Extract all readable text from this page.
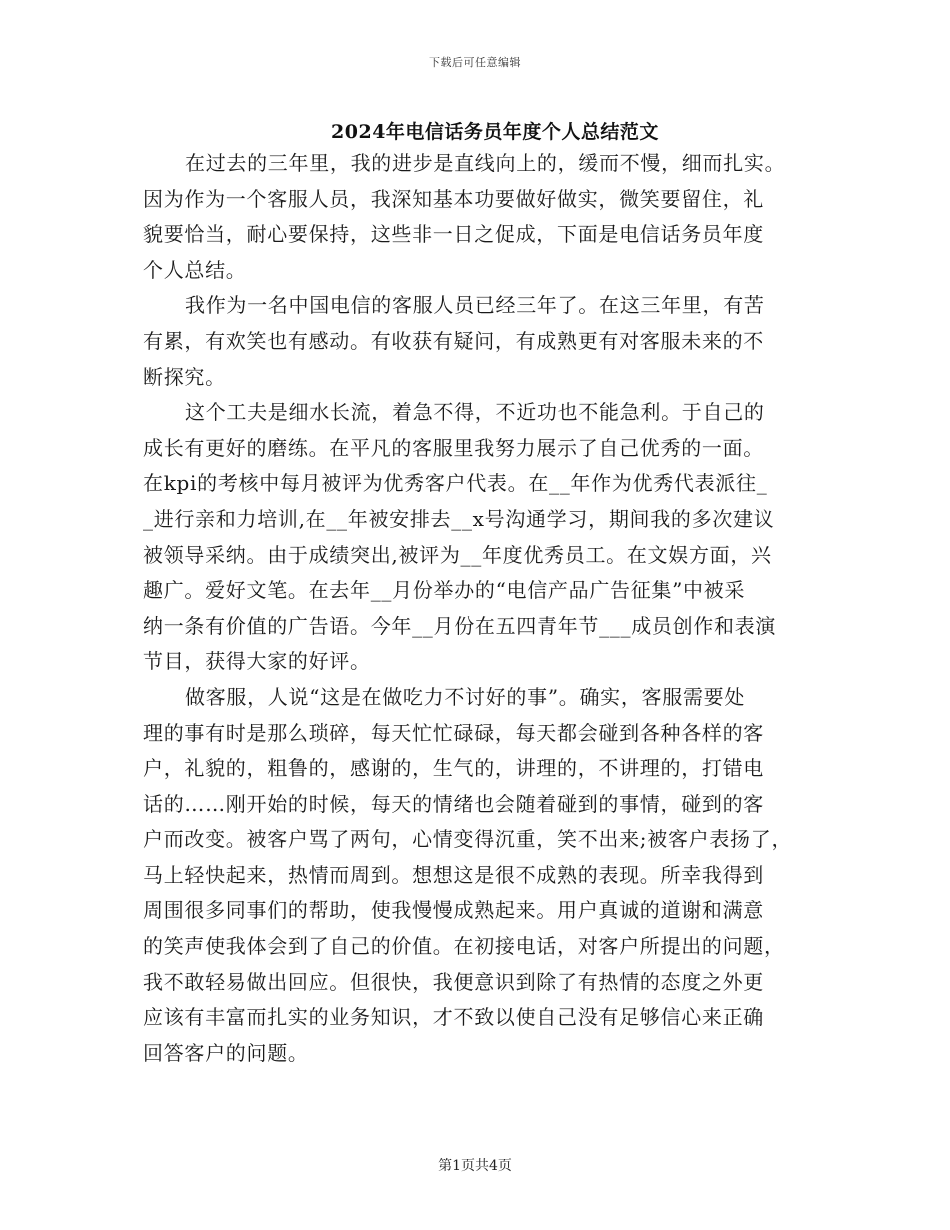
下载后可任意编辑
2024年电信话务员年度个人总结范文
在过去的三年里，我的进步是直线向上的，缓而不慢，细而扎实。
因为作为一个客服人员，我深知基本功要做好做实，微笑要留住，礼
貌要恰当，耐心要保持，这些非一日之促成，下面是电信话务员年度
个人总结。
我作为一名中国电信的客服人员已经三年了。在这三年里，有苦
有累，有欢笑也有感动。有收获有疑问，有成熟更有对客服未来的不
断探究。
这个工夫是细水长流，着急不得，不近功也不能急利。于自己的
成长有更好的磨练。在平凡的客服里我努力展示了自己优秀的一面。
在kpi的考核中每月被评为优秀客户代表。在__年作为优秀代表派往_
_进行亲和力培训,在__年被安排去__x号沟通学习，期间我的多次建议
被领导采纳。由于成绩突出,被评为__年度优秀员工。在文娱方面，兴
趣广。爱好文笔。在去年__月份举办的“电信产品广告征集”中被采
纳一条有价值的广告语。今年__月份在五四青年节___成员创作和表演
节目，获得大家的好评。
做客服，人说“这是在做吃力不讨好的事”。确实，客服需要处
理的事有时是那么琐碎，每天忙忙碌碌，每天都会碰到各种各样的客
户，礼貌的，粗鲁的，感谢的，生气的，讲理的，不讲理的，打错电
话的……刚开始的时候，每天的情绪也会随着碰到的事情，碰到的客
户而改变。被客户骂了两句，心情变得沉重，笑不出来;被客户表扬了，
马上轻快起来，热情而周到。想想这是很不成熟的表现。所幸我得到
周围很多同事们的帮助，使我慢慢成熟起来。用户真诚的道谢和满意
的笑声使我体会到了自己的价值。在初接电话，对客户所提出的问题，
我不敢轻易做出回应。但很快，我便意识到除了有热情的态度之外更
应该有丰富而扎实的业务知识，才不致以使自己没有足够信心来正确
回答客户的问题。
第1页共4页
